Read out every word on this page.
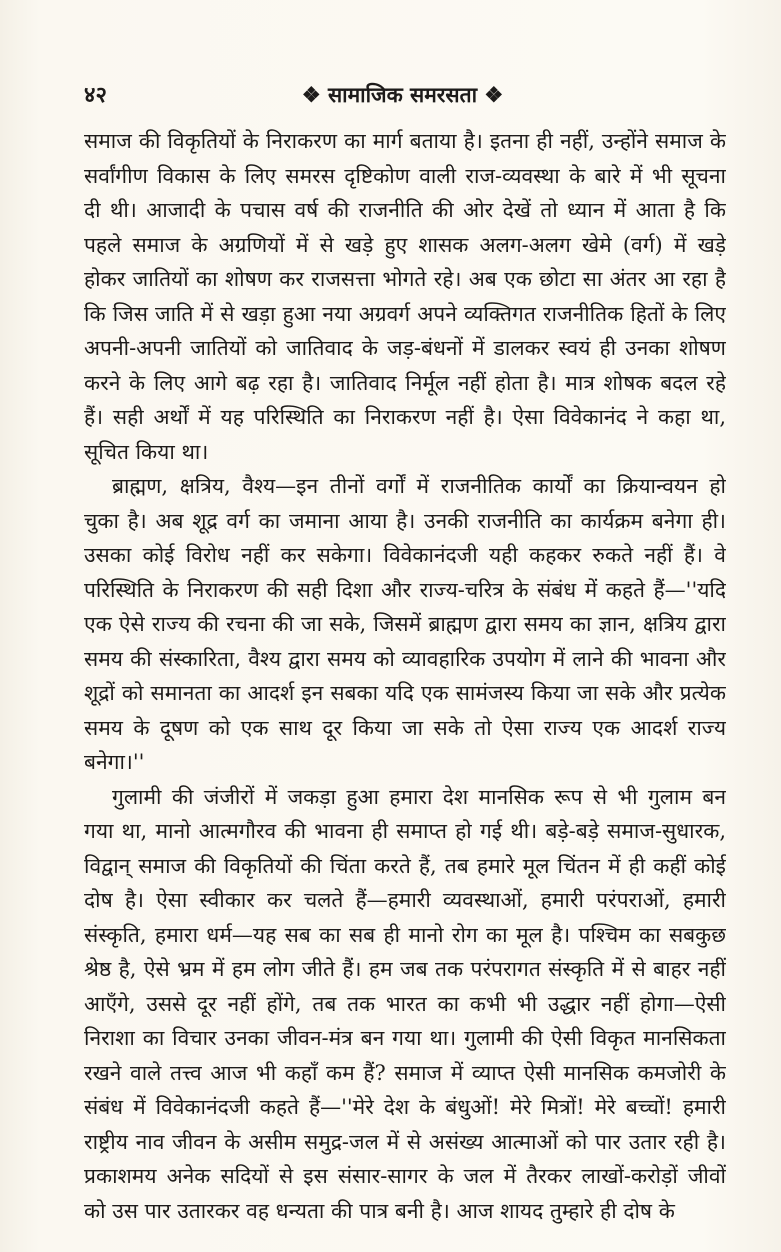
४२	❖ सामाजिक समरसता ❖
समाज की विकृतियों के निराकरण का मार्ग बताया है। इतना ही नहीं, उन्होंने समाज के
सर्वांगीण विकास के लिए समरस दृष्टिकोण वाली राज-व्यवस्था के बारे में भी सूचना
दी थी। आजादी के पचास वर्ष की राजनीति की ओर देखें तो ध्यान में आता है कि
पहले समाज के अग्रणियों में से खड़े हुए शासक अलग-अलग खेमे (वर्ग) में खड़े
होकर जातियों का शोषण कर राजसत्ता भोगते रहे। अब एक छोटा सा अंतर आ रहा है
कि जिस जाति में से खड़ा हुआ नया अग्रवर्ग अपने व्यक्तिगत राजनीतिक हितों के लिए
अपनी-अपनी जातियों को जातिवाद के जड़-बंधनों में डालकर स्वयं ही उनका शोषण
करने के लिए आगे बढ़ रहा है। जातिवाद निर्मूल नहीं होता है। मात्र शोषक बदल रहे
हैं। सही अर्थों में यह परिस्थिति का निराकरण नहीं है। ऐसा विवेकानंद ने कहा था,
सूचित किया था।
ब्राह्मण, क्षत्रिय, वैश्य—इन तीनों वर्गों में राजनीतिक कार्यों का क्रियान्वयन हो
चुका है। अब शूद्र वर्ग का जमाना आया है। उनकी राजनीति का कार्यक्रम बनेगा ही।
उसका कोई विरोध नहीं कर सकेगा। विवेकानंदजी यही कहकर रुकते नहीं हैं। वे
परिस्थिति के निराकरण की सही दिशा और राज्य-चरित्र के संबंध में कहते हैं—''यदि
एक ऐसे राज्य की रचना की जा सके, जिसमें ब्राह्मण द्वारा समय का ज्ञान, क्षत्रिय द्वारा
समय की संस्कारिता, वैश्य द्वारा समय को व्यावहारिक उपयोग में लाने की भावना और
शूद्रों को समानता का आदर्श इन सबका यदि एक सामंजस्य किया जा सके और प्रत्येक
समय के दूषण को एक साथ दूर किया जा सके तो ऐसा राज्य एक आदर्श राज्य
बनेगा।''
गुलामी की जंजीरों में जकड़ा हुआ हमारा देश मानसिक रूप से भी गुलाम बन
गया था, मानो आत्मगौरव की भावना ही समाप्त हो गई थी। बड़े-बड़े समाज-सुधारक,
विद्वान् समाज की विकृतियों की चिंता करते हैं, तब हमारे मूल चिंतन में ही कहीं कोई
दोष है। ऐसा स्वीकार कर चलते हैं—हमारी व्यवस्थाओं, हमारी परंपराओं, हमारी
संस्कृति, हमारा धर्म—यह सब का सब ही मानो रोग का मूल है। पश्चिम का सबकुछ
श्रेष्ठ है, ऐसे भ्रम में हम लोग जीते हैं। हम जब तक परंपरागत संस्कृति में से बाहर नहीं
आएँगे, उससे दूर नहीं होंगे, तब तक भारत का कभी भी उद्धार नहीं होगा—ऐसी
निराशा का विचार उनका जीवन-मंत्र बन गया था। गुलामी की ऐसी विकृत मानसिकता
रखने वाले तत्त्व आज भी कहाँ कम हैं? समाज में व्याप्त ऐसी मानसिक कमजोरी के
संबंध में विवेकानंदजी कहते हैं—''मेरे देश के बंधुओं! मेरे मित्रों! मेरे बच्चों! हमारी
राष्ट्रीय नाव जीवन के असीम समुद्र-जल में से असंख्य आत्माओं को पार उतार रही है।
प्रकाशमय अनेक सदियों से इस संसार-सागर के जल में तैरकर लाखों-करोड़ों जीवों
को उस पार उतारकर वह धन्यता की पात्र बनी है। आज शायद तुम्हारे ही दोष के
